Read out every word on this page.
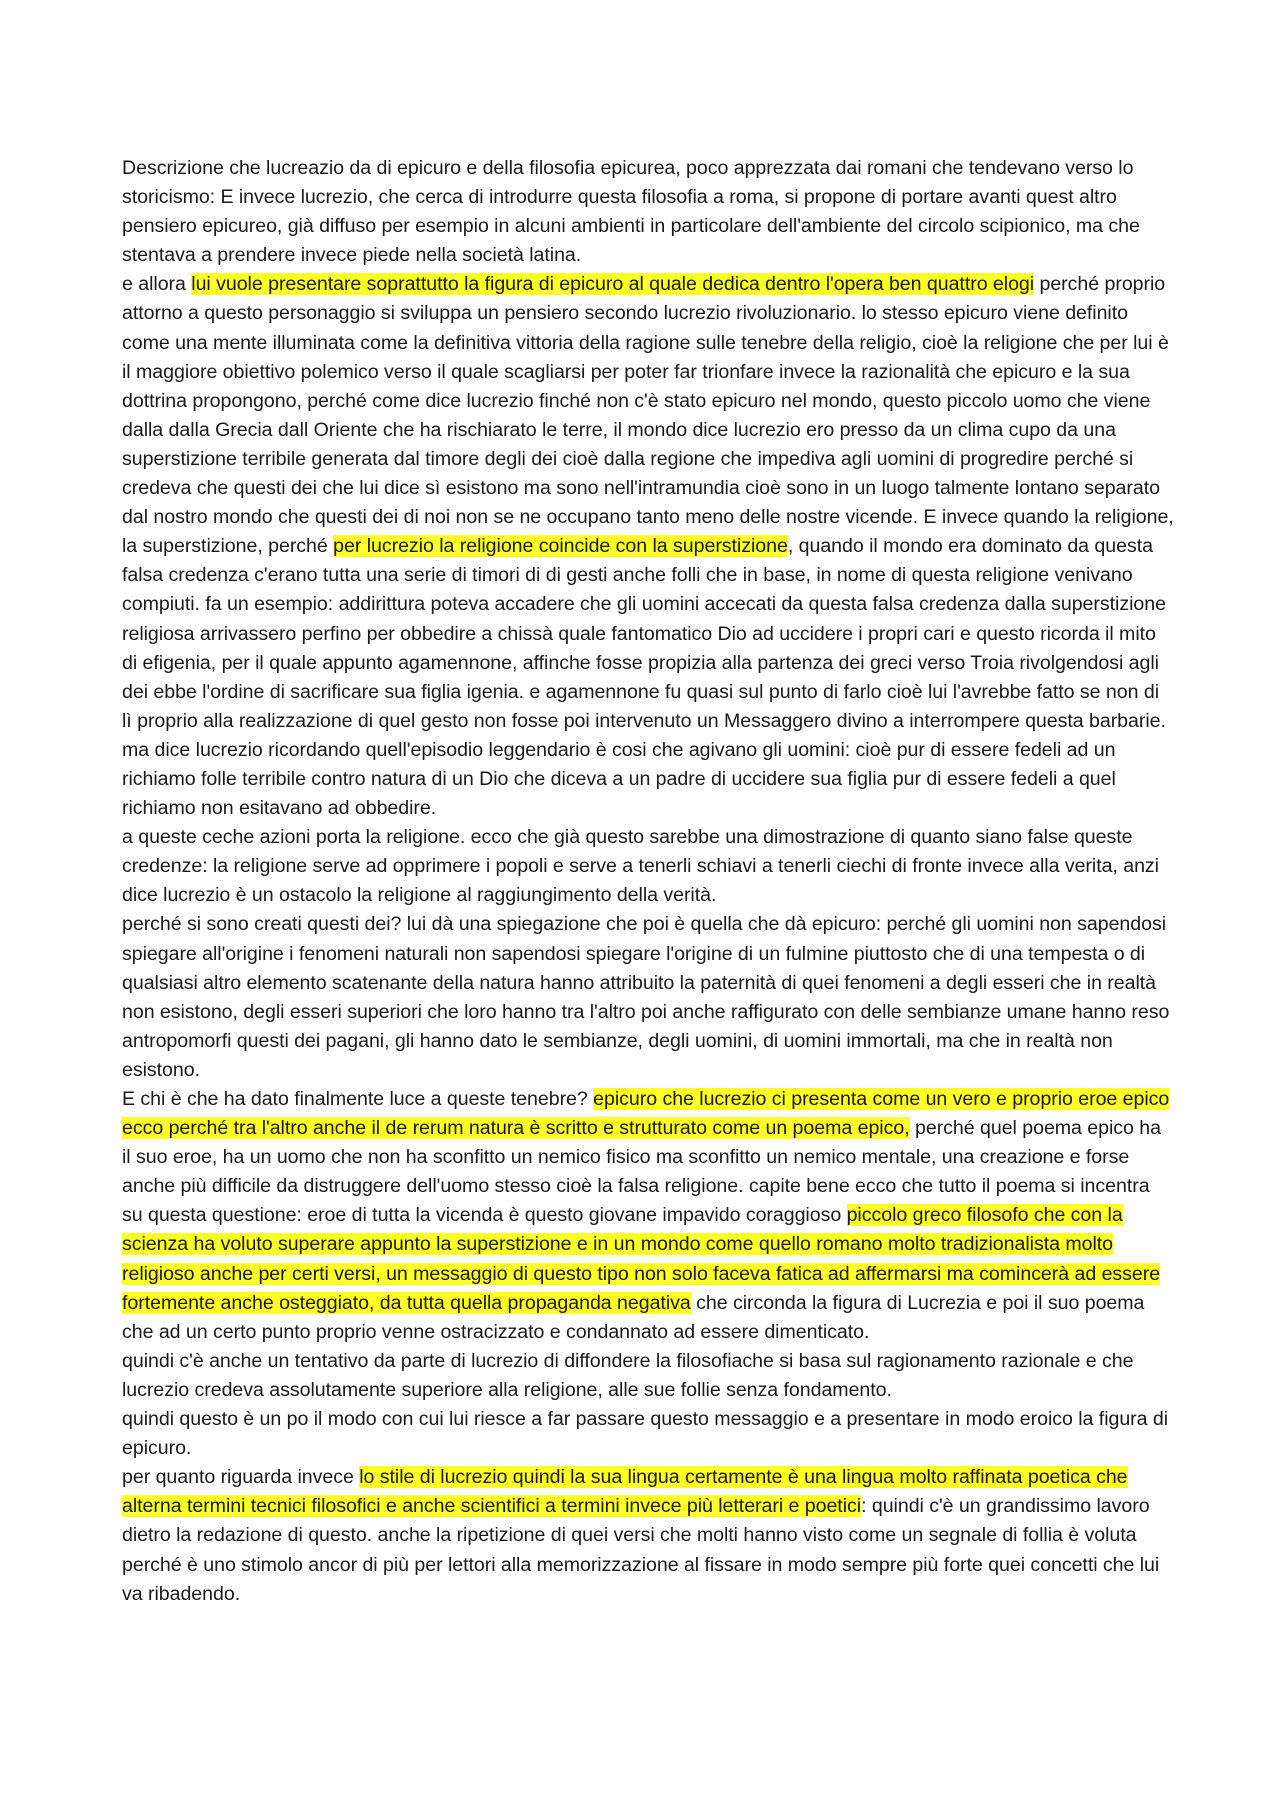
Descrizione che lucreazio da di epicuro e della filosofia epicurea, poco apprezzata dai romani che tendevano verso lo storicismo: E invece lucrezio, che cerca di introdurre questa filosofia a roma, si propone di portare avanti quest altro pensiero epicureo, già diffuso per esempio in alcuni ambienti in particolare dell'ambiente del circolo scipionico, ma che stentava a prendere invece piede nella società latina.

e allora lui vuole presentare soprattutto la figura di epicuro al quale dedica dentro l'opera ben quattro elogi perché proprio attorno a questo personaggio si sviluppa un pensiero secondo lucrezio rivoluzionario. lo stesso epicuro viene definito come una mente illuminata come la definitiva vittoria della ragione sulle tenebre della religio, cioè la religione che per lui è il maggiore obiettivo polemico verso il quale scagliarsi per poter far trionfare invece la razionalità che epicuro e la sua dottrina propongono, perché come dice lucrezio finché non c'è stato epicuro nel mondo, questo piccolo uomo che viene dalla dalla Grecia dall Oriente che ha rischiarato le terre, il mondo dice lucrezio ero presso da un clima cupo da una superstizione terribile generata dal timore degli dei cioè dalla regione che impediva agli uomini di progredire perché si credeva che questi dei che lui dice sì esistono ma sono nell'intramundia cioè sono in un luogo talmente lontano separato dal nostro mondo che questi dei di noi non se ne occupano tanto meno delle nostre vicende. E invece quando la religione, la superstizione, perché per lucrezio la religione coincide con la superstizione, quando il mondo era dominato da questa falsa credenza c'erano tutta una serie di timori di di gesti anche folli che in base, in nome di questa religione venivano compiuti. fa un esempio: addirittura poteva accadere che gli uomini accecati da questa falsa credenza dalla superstizione religiosa arrivassero perfino per obbedire a chissà quale fantomatico Dio ad uccidere i propri cari e questo ricorda il mito di efigenia, per il quale appunto agamennone, affinche fosse propizia alla partenza dei greci verso Troia rivolgendosi agli dei ebbe l'ordine di sacrificare sua figlia igenia. e agamennone fu quasi sul punto di farlo cioè lui l'avrebbe fatto se non di lì proprio alla realizzazione di quel gesto non fosse poi intervenuto un Messaggero divino a interrompere questa barbarie. ma dice lucrezio ricordando quell'episodio leggendario è cosi che agivano gli uomini: cioè pur di essere fedeli ad un richiamo folle terribile contro natura di un Dio che diceva a un padre di uccidere sua figlia pur di essere fedeli a quel richiamo non esitavano ad obbedire.

a queste ceche azioni porta la religione. ecco che già questo sarebbe una dimostrazione di quanto siano false queste credenze: la religione serve ad opprimere i popoli e serve a tenerli schiavi a tenerli ciechi di fronte invece alla verita, anzi dice lucrezio è un ostacolo la religione al raggiungimento della verità.

perché si sono creati questi dei? lui dà una spiegazione che poi è quella che dà epicuro: perché gli uomini non sapendosi spiegare all'origine i fenomeni naturali non sapendosi spiegare l'origine di un fulmine piuttosto che di una tempesta o di qualsiasi altro elemento scatenante della natura hanno attribuito la paternità di quei fenomeni a degli esseri che in realtà non esistono, degli esseri superiori che loro hanno tra l'altro poi anche raffigurato con delle sembianze umane hanno reso antropomorfi questi dei pagani, gli hanno dato le sembianze, degli uomini, di uomini immortali, ma che in realtà non esistono.

E chi è che ha dato finalmente luce a queste tenebre? epicuro che lucrezio ci presenta come un vero e proprio eroe epico ecco perché tra l'altro anche il de rerum natura è scritto e strutturato come un poema epico, perché quel poema epico ha il suo eroe, ha un uomo che non ha sconfitto un nemico fisico ma sconfitto un nemico mentale, una creazione e forse anche più difficile da distruggere dell'uomo stesso cioè la falsa religione. capite bene ecco che tutto il poema si incentra su questa questione: eroe di tutta la vicenda è questo giovane impavido coraggioso piccolo greco filosofo che con la scienza ha voluto superare appunto la superstizione e in un mondo come quello romano molto tradizionalista molto religioso anche per certi versi, un messaggio di questo tipo non solo faceva fatica ad affermarsi ma comincerà ad essere fortemente anche osteggiato, da tutta quella propaganda negativa che circonda la figura di Lucrezia e poi il suo poema che ad un certo punto proprio venne ostracizzato e condannato ad essere dimenticato.

quindi c'è anche un tentativo da parte di lucrezio di diffondere la filosofiache si basa sul ragionamento razionale e che lucrezio credeva assolutamente superiore alla religione, alle sue follie senza fondamento.

quindi questo è un po il modo con cui lui riesce a far passare questo messaggio e a presentare in modo eroico la figura di epicuro.

per quanto riguarda invece lo stile di lucrezio quindi la sua lingua certamente è una lingua molto raffinata poetica che alterna termini tecnici filosofici e anche scientifici a termini invece più letterari e poetici: quindi c'è un grandissimo lavoro dietro la redazione di questo. anche la ripetizione di quei versi che molti hanno visto come un segnale di follia è voluta perché è uno stimolo ancor di più per lettori alla memorizzazione al fissare in modo sempre più forte quei concetti che lui va ribadendo.
